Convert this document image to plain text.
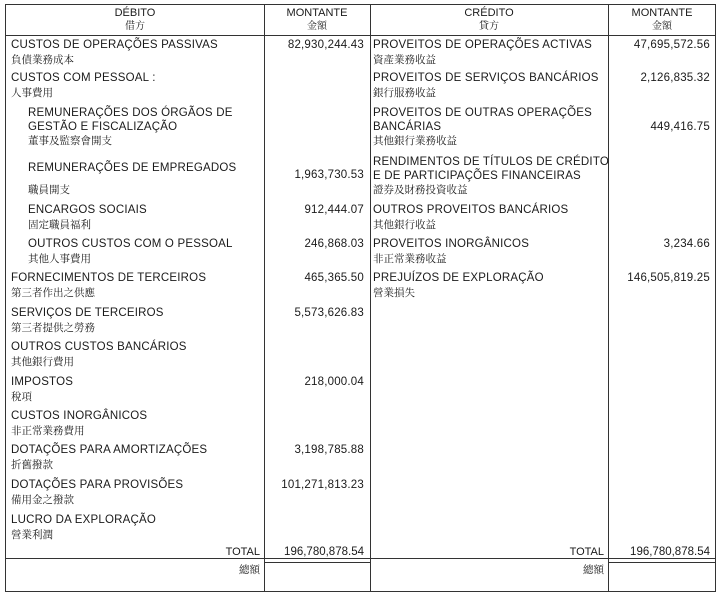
DÉBITO
借方
MONTANTE
金額
CRÉDITO
貸方
MONTANTE
金額
CUSTOS DE OPERAÇÕES PASSIVAS
負債業務成本
82,930,244.43
CUSTOS COM PESSOAL :
人事費用
REMUNERAÇÕES DOS ÓRGÃOS DE GESTÃO E FISCALIZAÇÃO
董事及監察會開支
REMUNERAÇÕES DE EMPREGADOS
職員開支
1,963,730.53
ENCARGOS SOCIAIS
固定職員福利
912,444.07
OUTROS CUSTOS COM O PESSOAL
其他人事費用
246,868.03
FORNECIMENTOS DE TERCEIROS
第三者作出之供應
465,365.50
SERVIÇOS DE TERCEIROS
第三者提供之勞務
5,573,626.83
OUTROS CUSTOS BANCÁRIOS
其他銀行費用
IMPOSTOS
稅項
218,000.04
CUSTOS INORGÂNICOS
非正常業務費用
DOTAÇÕES PARA AMORTIZAÇÕES
折舊撥款
3,198,785.88
DOTAÇÕES PARA PROVISÕES
備用金之撥款
101,271,813.23
LUCRO DA EXPLORAÇÃO
營業利潤
PROVEITOS DE OPERAÇÕES ACTIVAS
資產業務收益
47,695,572.56
PROVEITOS DE SERVIÇOS BANCÁRIOS
銀行服務收益
2,126,835.32
PROVEITOS DE OUTRAS OPERAÇÕES BANCÁRIAS
其他銀行業務收益
449,416.75
RENDIMENTOS DE TÍTULOS DE CRÉDITO E DE PARTICIPAÇÕES FINANCEIRAS
證券及財務投資收益
OUTROS PROVEITOS BANCÁRIOS
其他銀行收益
PROVEITOS INORGÂNICOS
非正常業務收益
3,234.66
PREJUÍZOS DE EXPLORAÇÃO
營業損失
146,505,819.25
TOTAL	196,780,878.54
總額
TOTAL	196,780,878.54
總額
